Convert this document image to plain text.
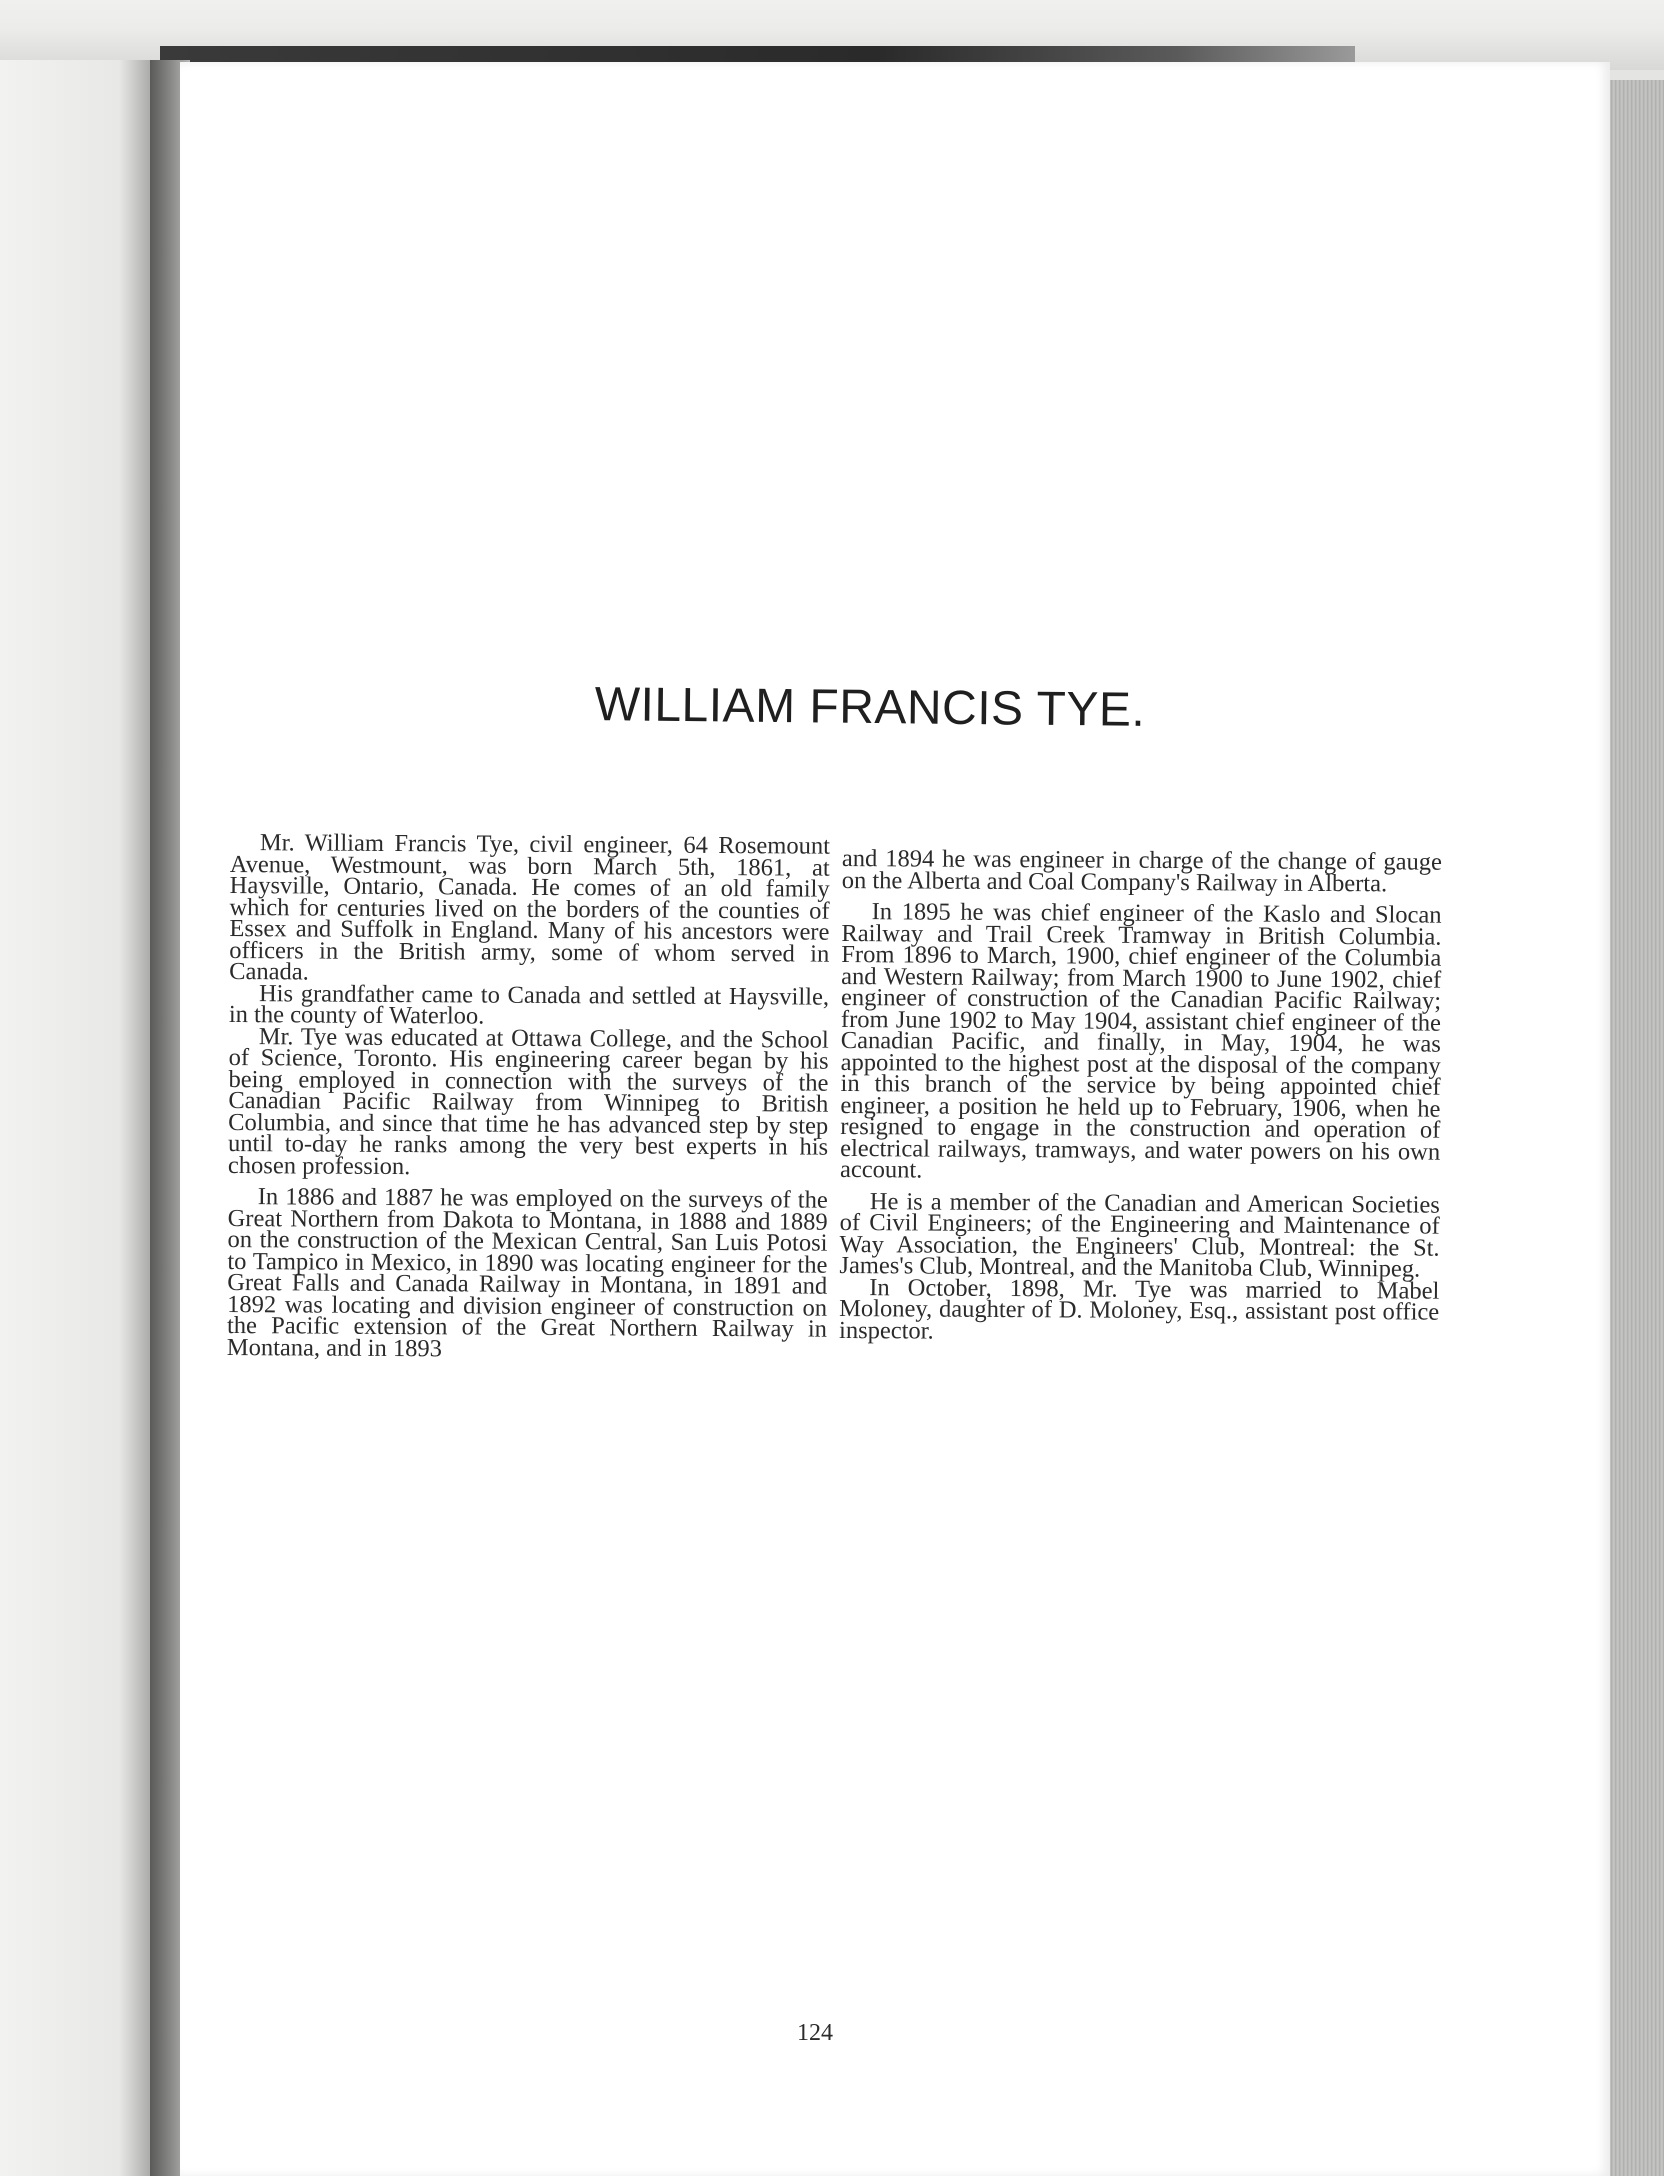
WILLIAM FRANCIS TYE.

Mr. William Francis Tye, civil engineer, 64 Rosemount Avenue, Westmount, was born March 5th, 1861, at Haysville, Ontario, Canada. He comes of an old family which for centuries lived on the borders of the counties of Essex and Suffolk in England. Many of his ancestors were officers in the British army, some of whom served in Canada.

His grandfather came to Canada and settled at Haysville, in the county of Waterloo.

Mr. Tye was educated at Ottawa College, and the School of Science, Toronto. His engineering career began by his being employed in connection with the surveys of the Canadian Pacific Railway from Winnipeg to British Columbia, and since that time he has advanced step by step until to-day he ranks among the very best experts in his chosen profession.

In 1886 and 1887 he was employed on the surveys of the Great Northern from Dakota to Montana, in 1888 and 1889 on the construction of the Mexican Central, San Luis Potosi to Tampico in Mexico, in 1890 was locating engineer for the Great Falls and Canada Railway in Montana, in 1891 and 1892 was locating and division engineer of construction on the Pacific extension of the Great Northern Railway in Montana, and in 1893

and 1894 he was engineer in charge of the change of gauge on the Alberta and Coal Company's Railway in Alberta.

In 1895 he was chief engineer of the Kaslo and Slocan Railway and Trail Creek Tramway in British Columbia. From 1896 to March, 1900, chief engineer of the Columbia and Western Railway; from March 1900 to June 1902, chief engineer of construction of the Canadian Pacific Railway; from June 1902 to May 1904, assistant chief engineer of the Canadian Pacific, and finally, in May, 1904, he was appointed to the highest post at the disposal of the company in this branch of the service by being appointed chief engineer, a position he held up to February, 1906, when he resigned to engage in the construction and operation of electrical railways, tramways, and water powers on his own account.

He is a member of the Canadian and American Societies of Civil Engineers; of the Engineering and Maintenance of Way Association, the Engineers' Club, Montreal: the St. James's Club, Montreal, and the Manitoba Club, Winnipeg.

In October, 1898, Mr. Tye was married to Mabel Moloney, daughter of D. Moloney, Esq., assistant post office inspector.

124
